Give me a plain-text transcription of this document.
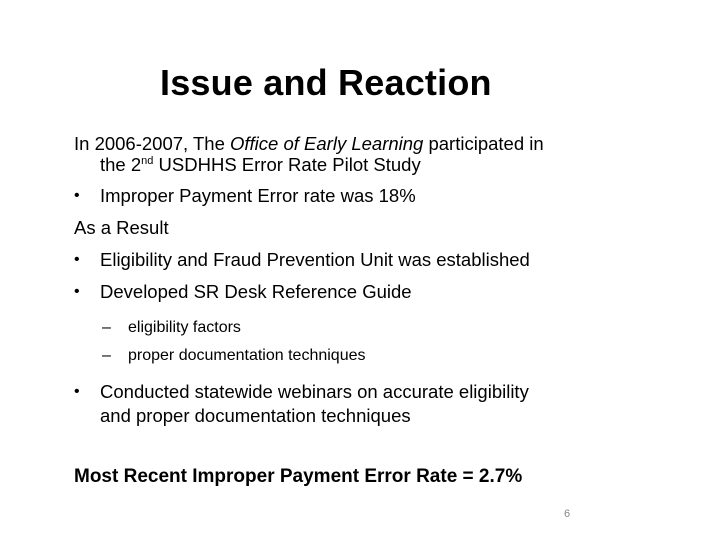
Issue and Reaction
In 2006-2007, The Office of Early Learning participated in
the 2nd USDHHS Error Rate Pilot Study
• Improper Payment Error rate was 18%
As a Result
• Eligibility and Fraud Prevention Unit was established
• Developed SR Desk Reference Guide
– eligibility factors
– proper documentation techniques
• Conducted statewide webinars on accurate eligibility
and proper documentation techniques
Most Recent Improper Payment Error Rate = 2.7%
6
